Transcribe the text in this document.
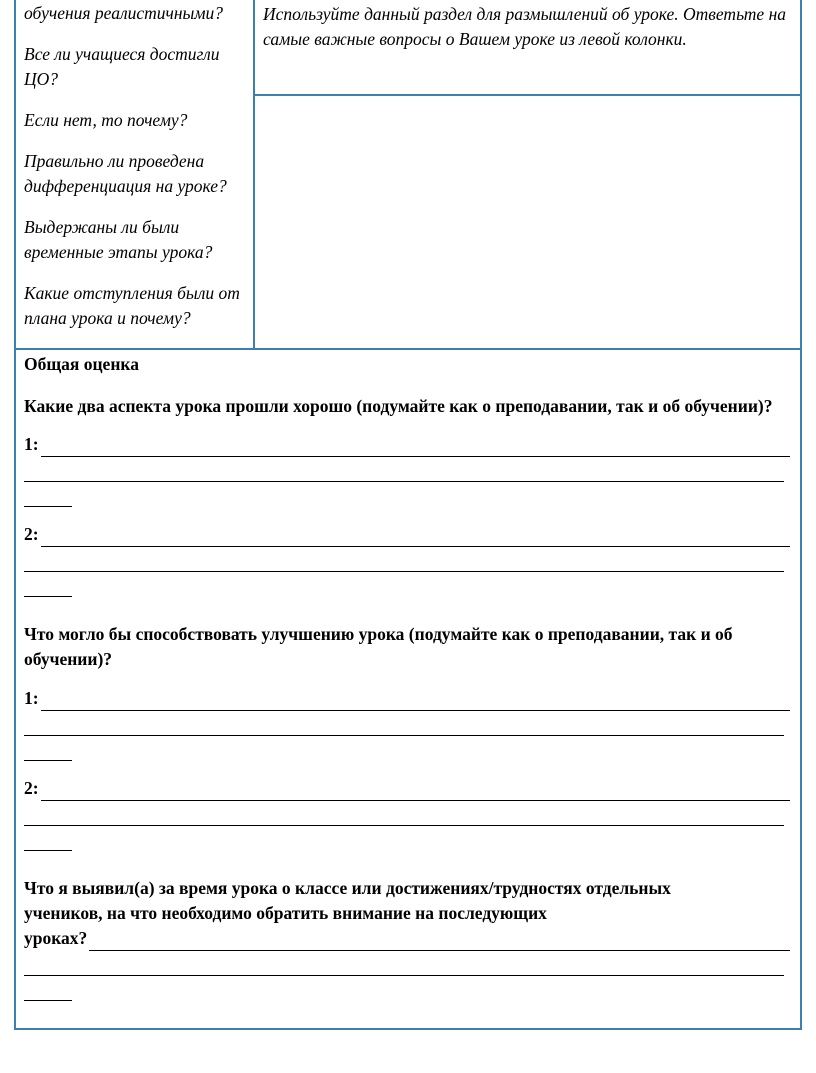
обучения реалистичными?

Все ли учащиеся достигли ЦО?

Если нет, то почему?

Правильно ли проведена дифференциация на уроке?

Выдержаны ли были временные этапы урока?

Какие отступления были от плана урока и почему?

Используйте данный раздел для размышлений об уроке. Ответьте на самые важные вопросы о Вашем уроке из левой колонки.

Общая оценка

Какие два аспекта урока прошли хорошо (подумайте как о преподавании, так и об обучении)?

1:
2:

Что могло бы способствовать улучшению урока (подумайте как о преподавании, так и об обучении)?

1:
2:

Что я выявил(а) за время урока о классе или достижениях/трудностях отдельных

учеников, на что необходимо обратить внимание на последующих

уроках?
